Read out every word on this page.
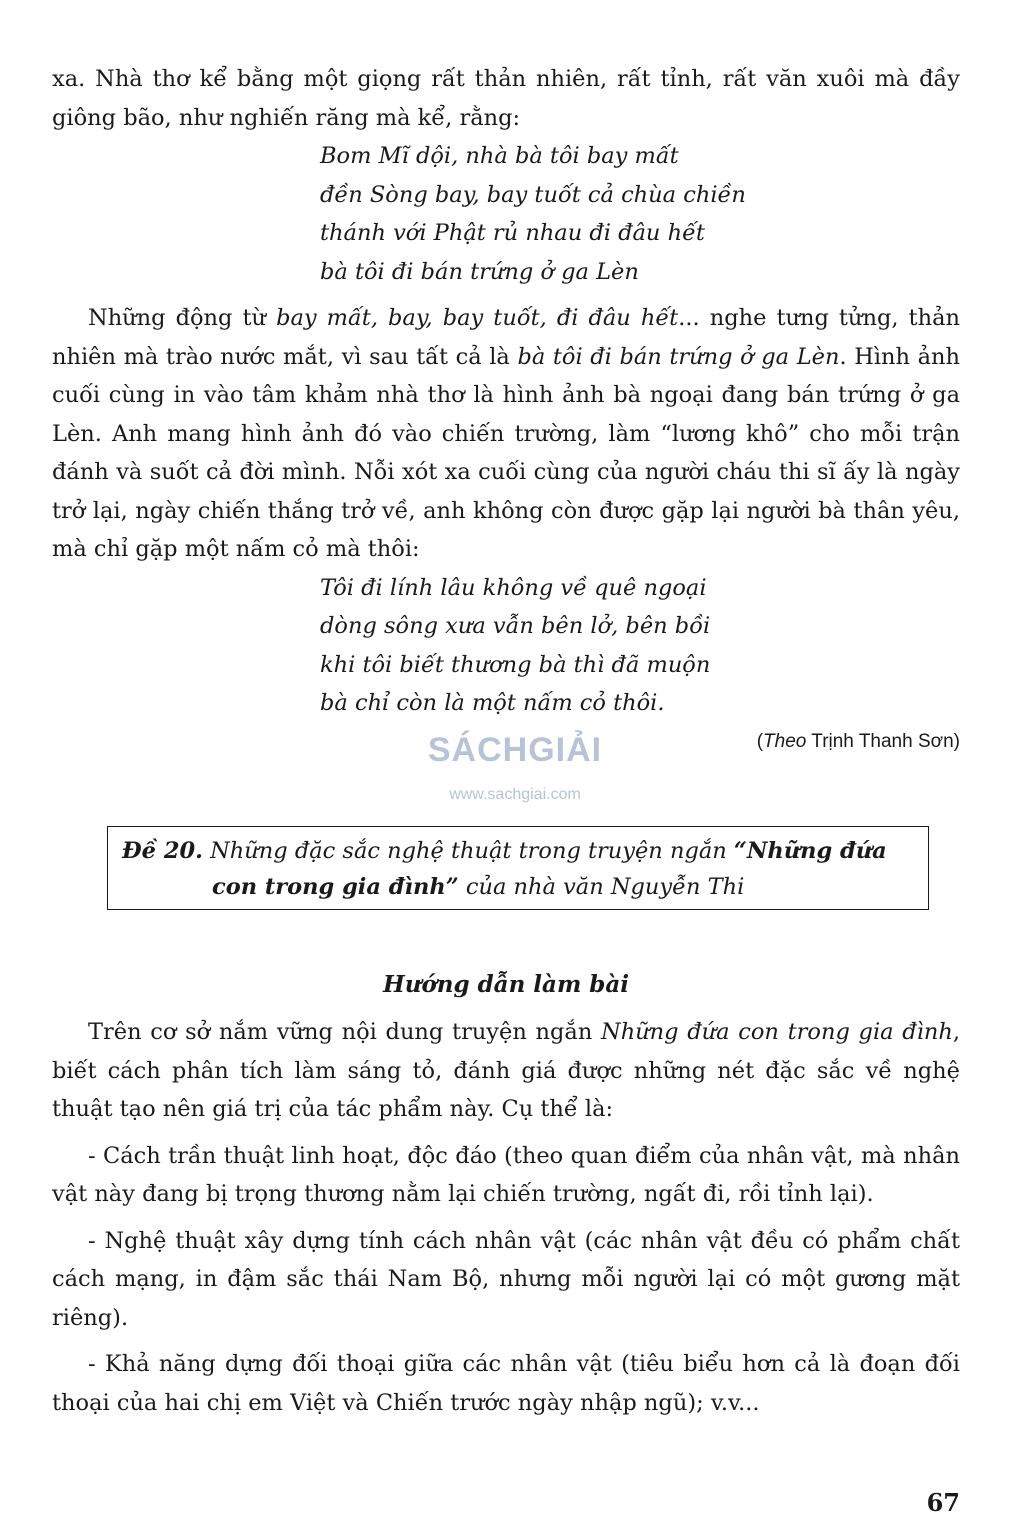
xa. Nhà thơ kể bằng một giọng rất thản nhiên, rất tỉnh, rất văn xuôi mà đầy giông bão, như nghiến răng mà kể, rằng:

Bom Mĩ dội, nhà bà tôi bay mất
đền Sòng bay, bay tuốt cả chùa chiền
thánh với Phật rủ nhau đi đâu hết
bà tôi đi bán trứng ở ga Lèn

Những động từ bay mất, bay, bay tuốt, đi đâu hết... nghe tưng tửng, thản nhiên mà trào nước mắt, vì sau tất cả là bà tôi đi bán trứng ở ga Lèn. Hình ảnh cuối cùng in vào tâm khảm nhà thơ là hình ảnh bà ngoại đang bán trứng ở ga Lèn. Anh mang hình ảnh đó vào chiến trường, làm “lương khô” cho mỗi trận đánh và suốt cả đời mình. Nỗi xót xa cuối cùng của người cháu thi sĩ ấy là ngày trở lại, ngày chiến thắng trở về, anh không còn được gặp lại người bà thân yêu, mà chỉ gặp một nấm cỏ mà thôi:

Tôi đi lính lâu không về quê ngoại
dòng sông xưa vẫn bên lở, bên bồi
khi tôi biết thương bà thì đã muộn
bà chỉ còn là một nấm cỏ thôi.
(Theo Trịnh Thanh Sơn)
SÁCHGIẢI
www.sachgiai.com

Đề 20. Những đặc sắc nghệ thuật trong truyện ngắn “Những đứa

con trong gia đình” của nhà văn Nguyễn Thi

Hướng dẫn làm bài

Trên cơ sở nắm vững nội dung truyện ngắn Những đứa con trong gia đình, biết cách phân tích làm sáng tỏ, đánh giá được những nét đặc sắc về nghệ thuật tạo nên giá trị của tác phẩm này. Cụ thể là:

- Cách trần thuật linh hoạt, độc đáo (theo quan điểm của nhân vật, mà nhân vật này đang bị trọng thương nằm lại chiến trường, ngất đi, rồi tỉnh lại).

- Nghệ thuật xây dựng tính cách nhân vật (các nhân vật đều có phẩm chất cách mạng, in đậm sắc thái Nam Bộ, nhưng mỗi người lại có một gương mặt riêng).

- Khả năng dựng đối thoại giữa các nhân vật (tiêu biểu hơn cả là đoạn đối thoại của hai chị em Việt và Chiến trước ngày nhập ngũ); v.v...

67
